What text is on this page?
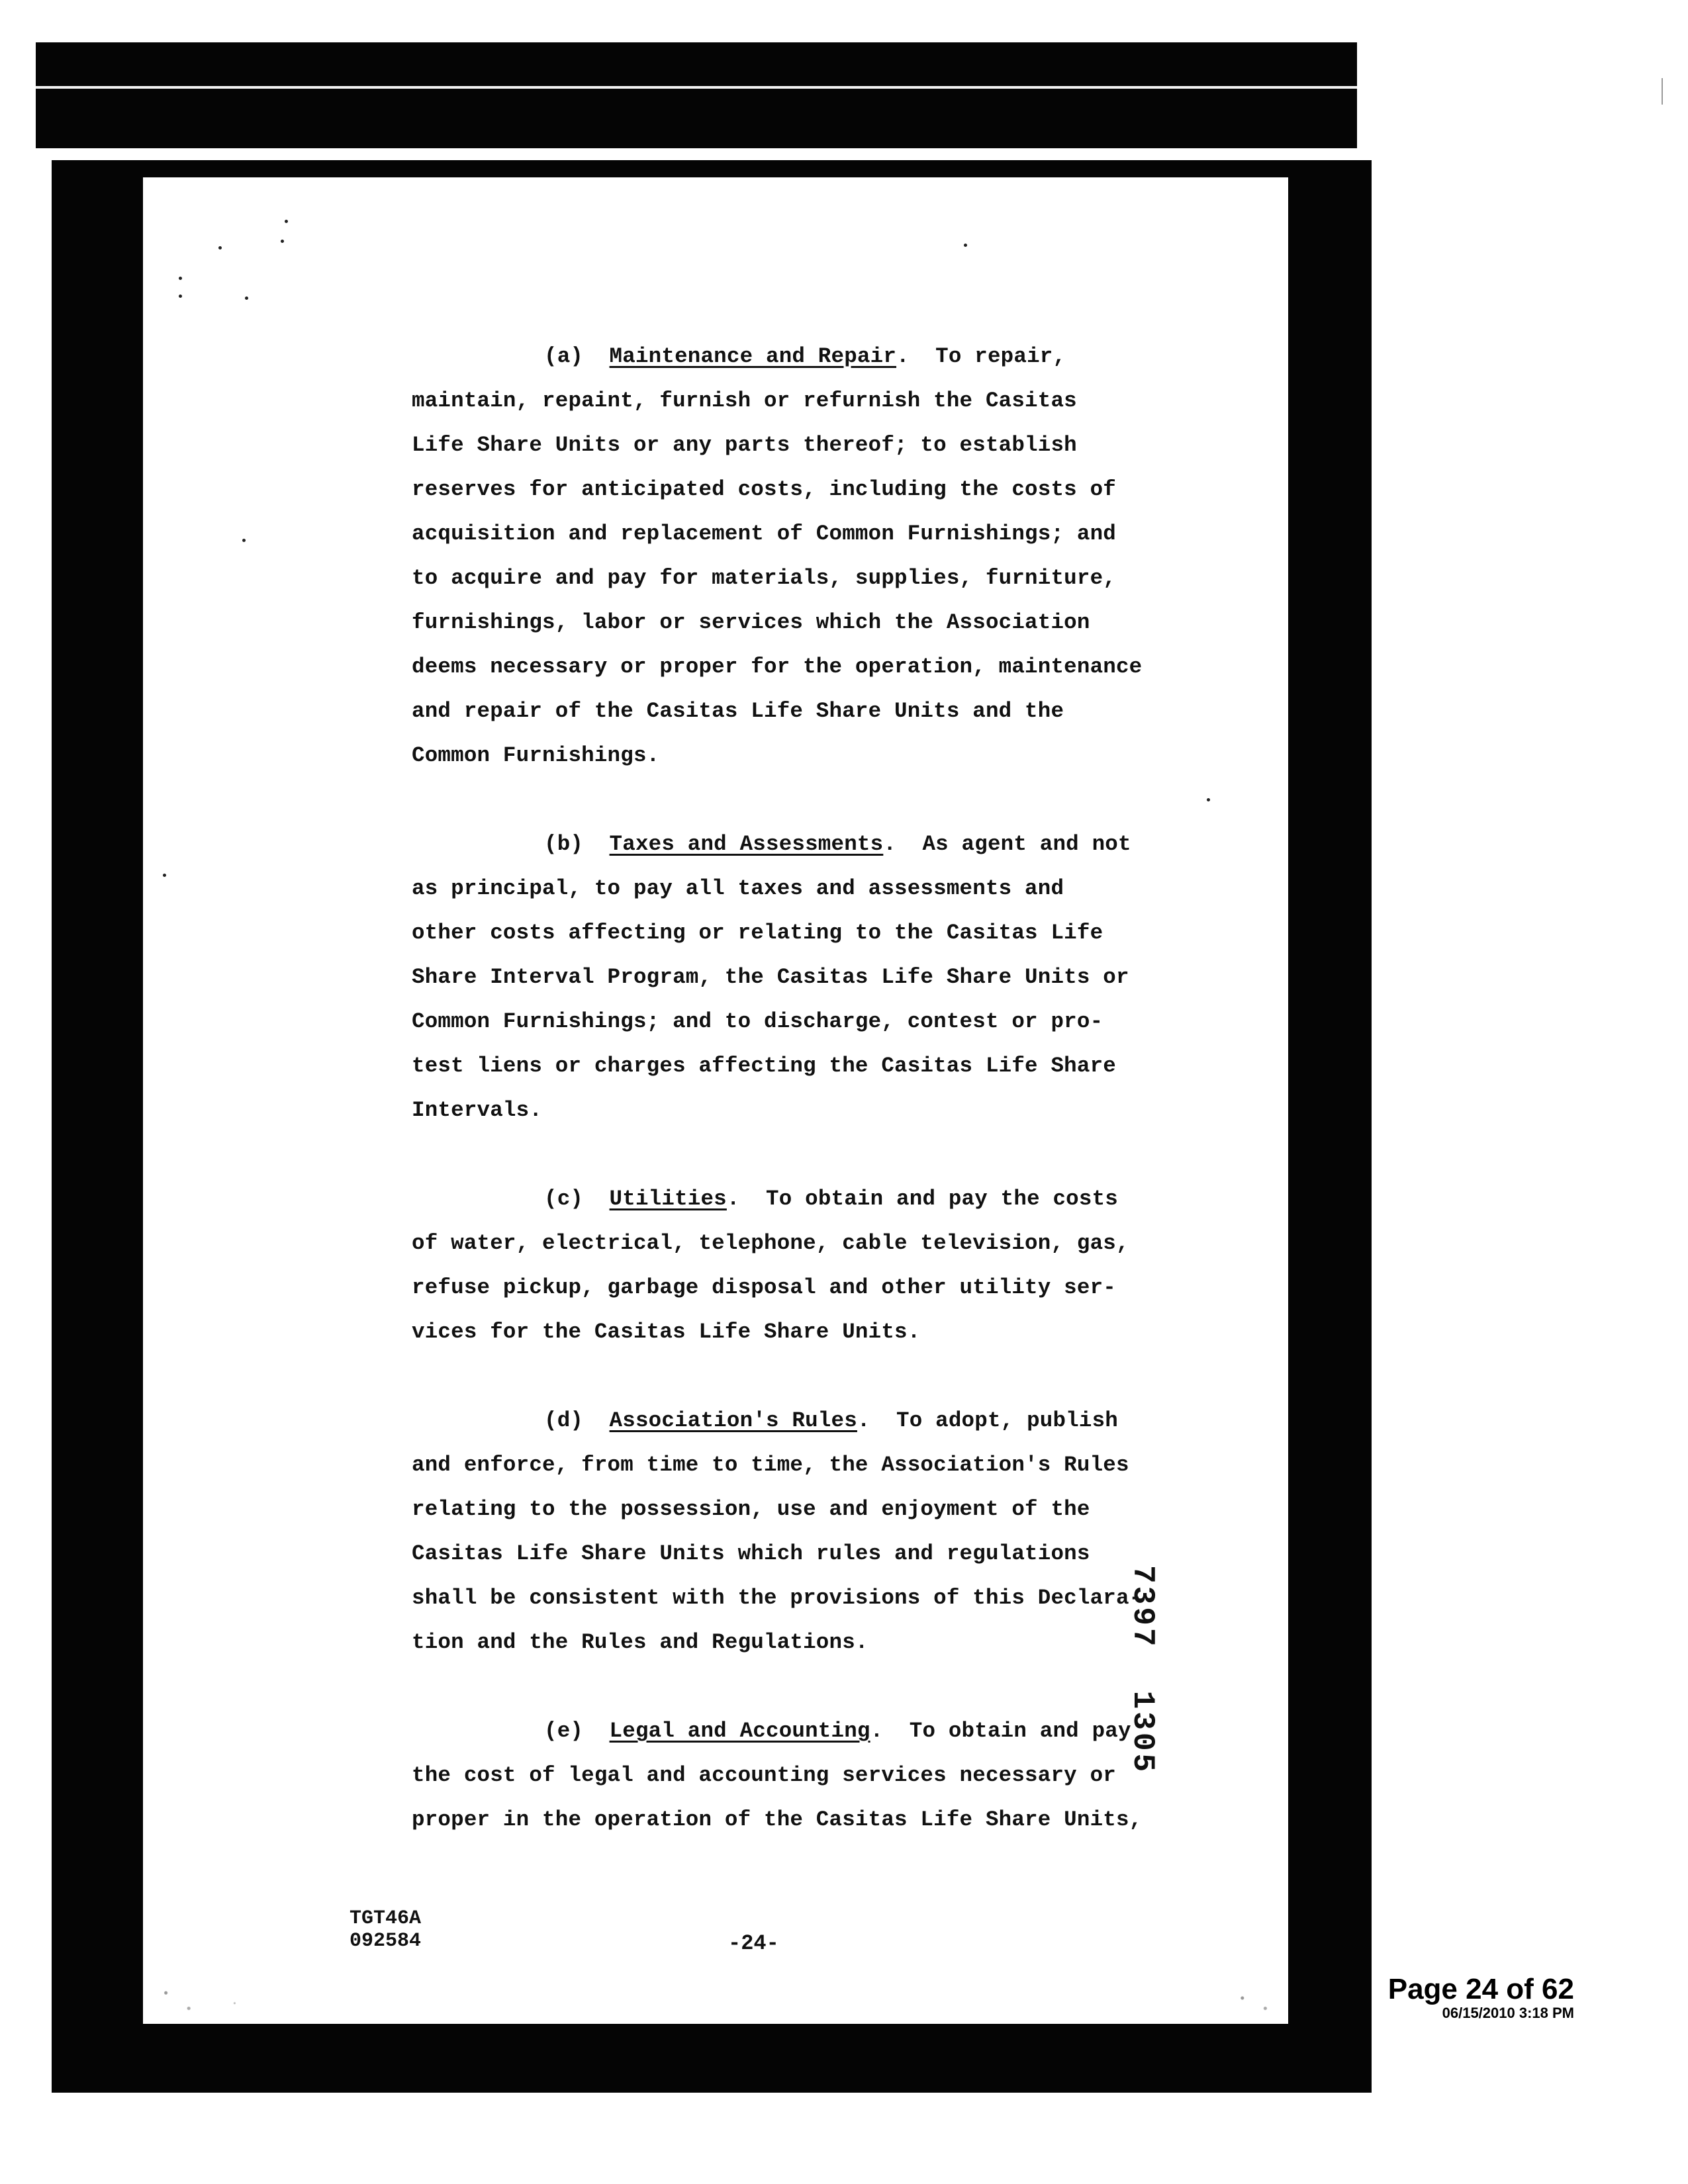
(a) Maintenance and Repair.  To repair,
maintain, repaint, furnish or refurnish the Casitas
Life Share Units or any parts thereof; to establish
reserves for anticipated costs, including the costs of
acquisition and replacement of Common Furnishings; and
to acquire and pay for materials, supplies, furniture,
furnishings, labor or services which the Association
deems necessary or proper for the operation, maintenance
and repair of the Casitas Life Share Units and the
Common Furnishings.
(b) Taxes and Assessments.  As agent and not
as principal, to pay all taxes and assessments and
other costs affecting or relating to the Casitas Life
Share Interval Program, the Casitas Life Share Units or
Common Furnishings; and to discharge, contest or pro-
test liens or charges affecting the Casitas Life Share
Intervals.
(c) Utilities.  To obtain and pay the costs
of water, electrical, telephone, cable television, gas,
refuse pickup, garbage disposal and other utility ser-
vices for the Casitas Life Share Units.
(d) Association's Rules.  To adopt, publish
and enforce, from time to time, the Association's Rules
relating to the possession, use and enjoyment of the
Casitas Life Share Units which rules and regulations
shall be consistent with the provisions of this Declara-
tion and the Rules and Regulations.
(e) Legal and Accounting.  To obtain and pay
the cost of legal and accounting services necessary or
proper in the operation of the Casitas Life Share Units,
7397  1305
TGT46A
092584	-24-
Page 24 of 62
06/15/2010 3:18 PM
